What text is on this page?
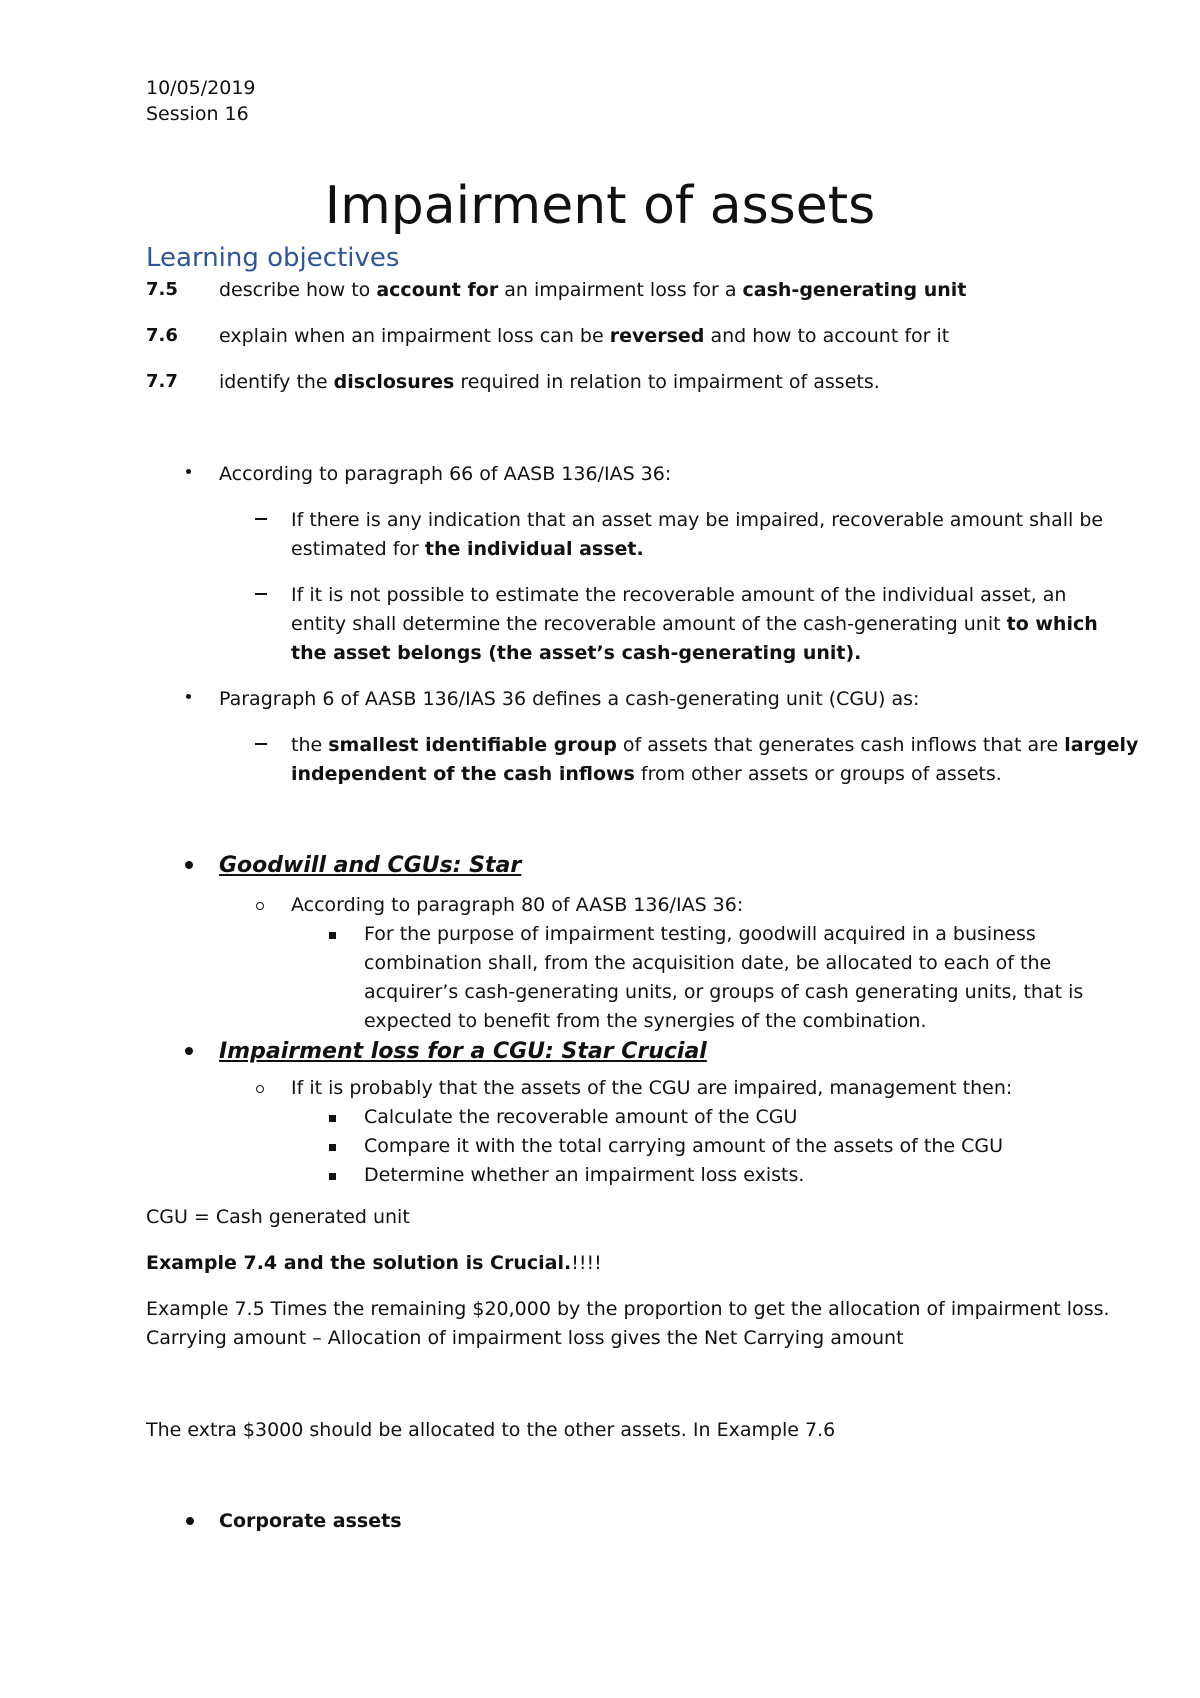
10/05/2019
Session 16
Impairment of assets
Learning objectives
7.5 describe how to account for an impairment loss for a cash-generating unit
7.6 explain when an impairment loss can be reversed and how to account for it
7.7 identify the disclosures required in relation to impairment of assets.
According to paragraph 66 of AASB 136/IAS 36:
If there is any indication that an asset may be impaired, recoverable amount shall be
estimated for the individual asset.
If it is not possible to estimate the recoverable amount of the individual asset, an
entity shall determine the recoverable amount of the cash-generating unit to which
the asset belongs (the asset’s cash-generating unit).
Paragraph 6 of AASB 136/IAS 36 defines a cash-generating unit (CGU) as:
the smallest identifiable group of assets that generates cash inflows that are largely
independent of the cash inflows from other assets or groups of assets.
Goodwill and CGUs: Star
According to paragraph 80 of AASB 136/IAS 36:
For the purpose of impairment testing, goodwill acquired in a business
combination shall, from the acquisition date, be allocated to each of the
acquirer’s cash-generating units, or groups of cash generating units, that is
expected to benefit from the synergies of the combination.
Impairment loss for a CGU: Star Crucial
If it is probably that the assets of the CGU are impaired, management then:
Calculate the recoverable amount of the CGU
Compare it with the total carrying amount of the assets of the CGU
Determine whether an impairment loss exists.
CGU = Cash generated unit
Example 7.4 and the solution is Crucial.!!!!
Example 7.5 Times the remaining $20,000 by the proportion to get the allocation of impairment loss.
Carrying amount – Allocation of impairment loss gives the Net Carrying amount
The extra $3000 should be allocated to the other assets. In Example 7.6
Corporate assets
